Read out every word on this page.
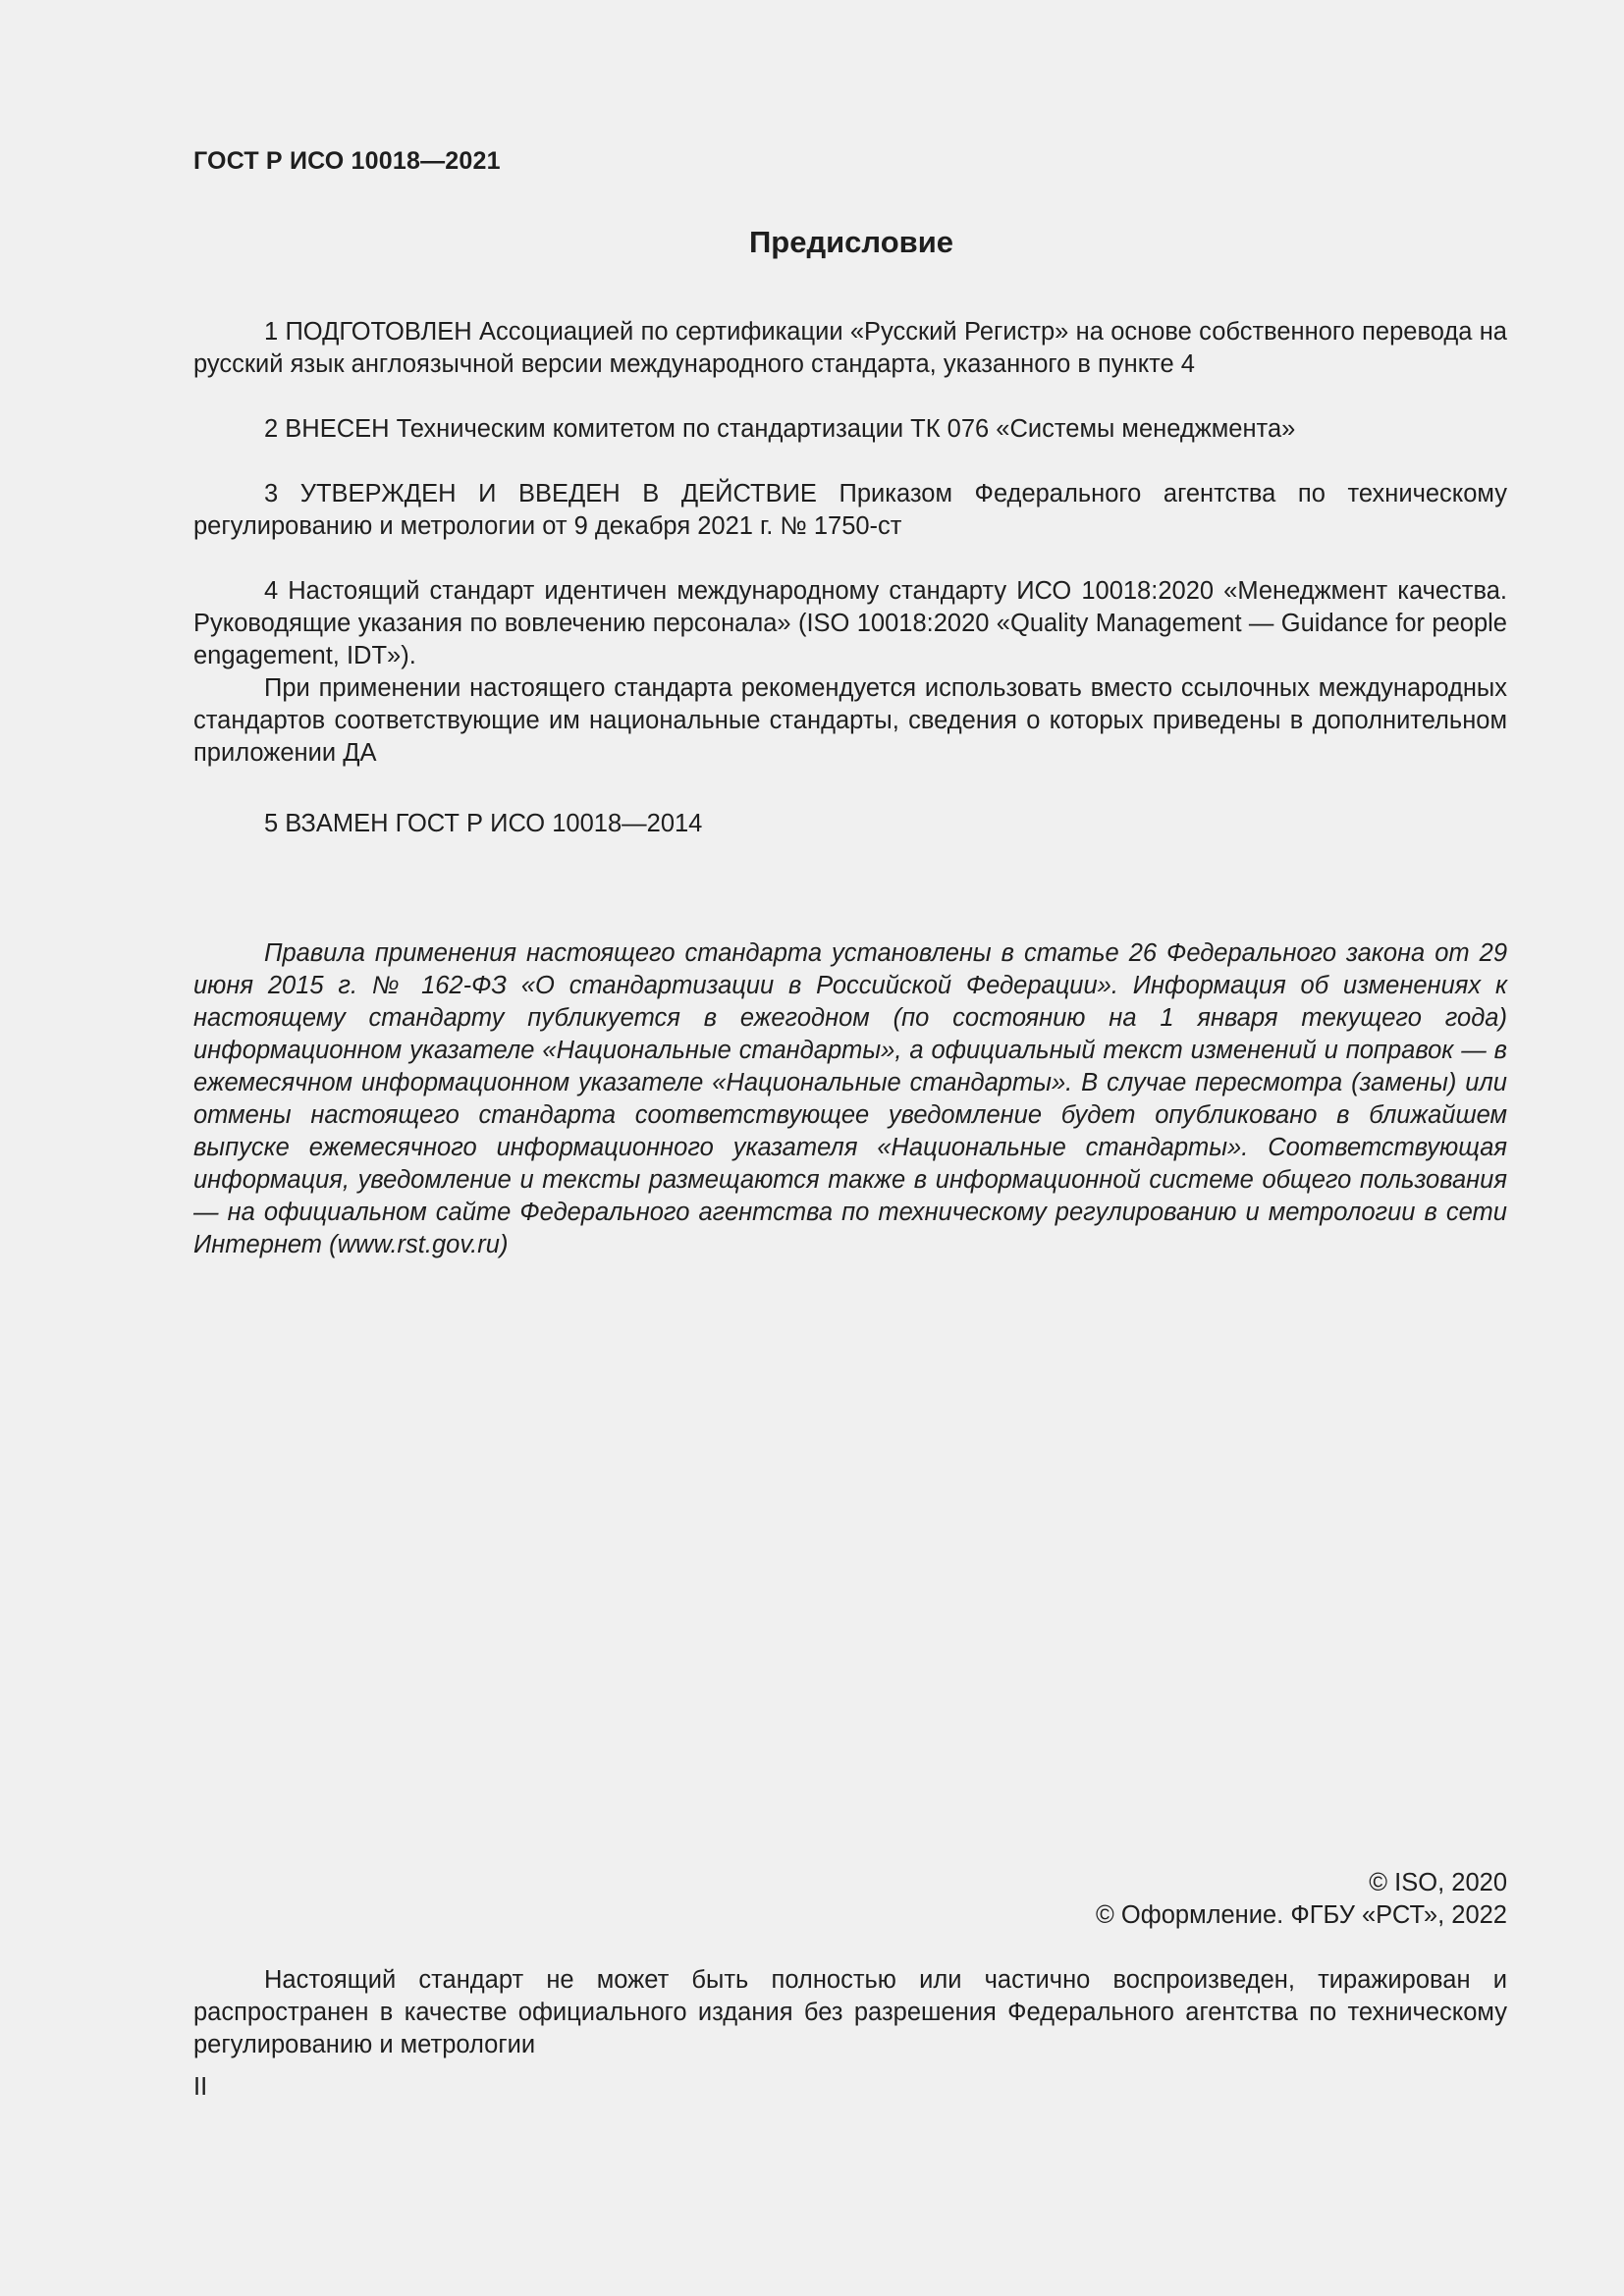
ГОСТ Р ИСО 10018—2021
Предисловие

1 ПОДГОТОВЛЕН Ассоциацией по сертификации «Русский Регистр» на основе собственного перевода на русский язык англоязычной версии международного стандарта, указанного в пункте 4

2 ВНЕСЕН Техническим комитетом по стандартизации ТК 076 «Системы менеджмента»

3 УТВЕРЖДЕН И ВВЕДЕН В ДЕЙСТВИЕ Приказом Федерального агентства по техническому регулированию и метрологии от 9 декабря 2021 г. № 1750-ст

4 Настоящий стандарт идентичен международному стандарту ИСО 10018:2020 «Менеджмент качества. Руководящие указания по вовлечению персонала» (ISO 10018:2020 «Quality Management — Guidance for people engagement, IDT»).

При применении настоящего стандарта рекомендуется использовать вместо ссылочных международных стандартов соответствующие им национальные стандарты, сведения о которых приведены в дополнительном приложении ДА

5 ВЗАМЕН ГОСТ Р ИСО 10018—2014

Правила применения настоящего стандарта установлены в статье 26 Федерального закона от 29 июня 2015 г. № 162-ФЗ «О стандартизации в Российской Федерации». Информация об изменениях к настоящему стандарту публикуется в ежегодном (по состоянию на 1 января текущего года) информационном указателе «Национальные стандарты», а официальный текст изменений и поправок — в ежемесячном информационном указателе «Национальные стандарты». В случае пересмотра (замены) или отмены настоящего стандарта соответствующее уведомление будет опубликовано в ближайшем выпуске ежемесячного информационного указателя «Национальные стандарты». Соответствующая информация, уведомление и тексты размещаются также в информационной системе общего пользования — на официальном сайте Федерального агентства по техническому регулированию и метрологии в сети Интернет (www.rst.gov.ru)

© ISO, 2020
© Оформление. ФГБУ «РСТ», 2022

Настоящий стандарт не может быть полностью или частично воспроизведен, тиражирован и распространен в качестве официального издания без разрешения Федерального агентства по техническому регулированию и метрологии

II
